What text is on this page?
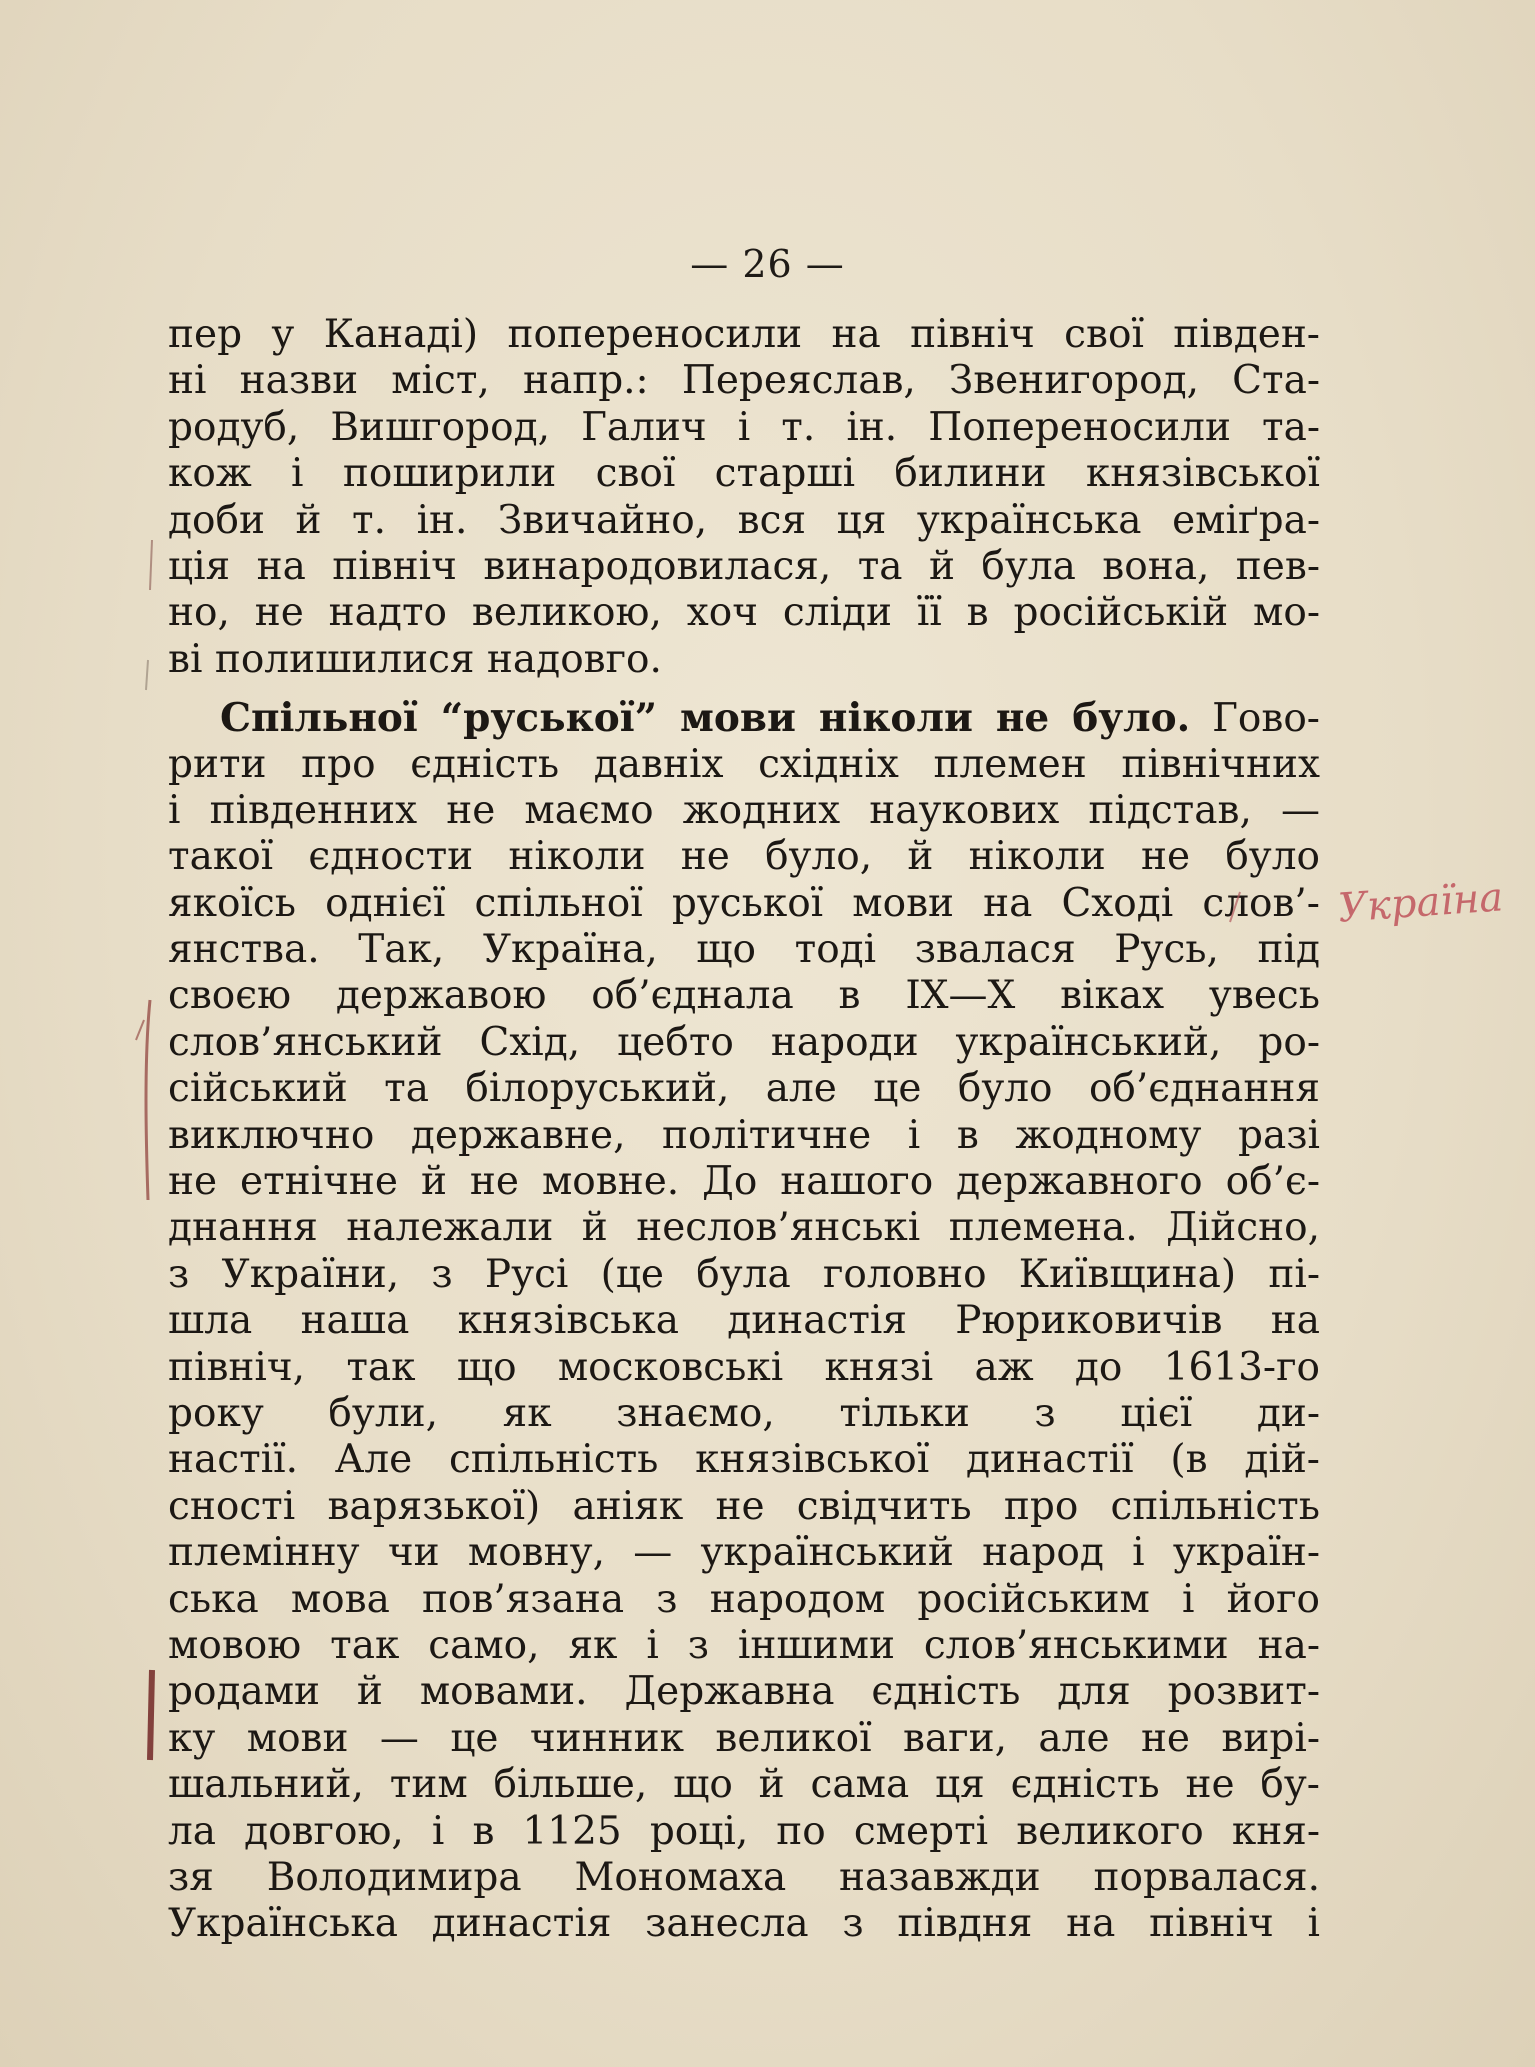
— 26 —
пер у Канаді) попереносили на північ свої півден-
ні назви міст, напр.: Переяслав, Звенигород, Ста-
родуб, Вишгород, Галич і т. ін. Попереносили та-
кож і поширили свої старші билини князівської
доби й т. ін. Звичайно, вся ця українська еміґра-
ція на північ винародовилася, та й була вона, пев-
но, не надто великою, хоч сліди її в російській мо-
ві полишилися надовго.
Спільної “руської” мови ніколи не було. Гово-
рити про єдність давніх східніх племен північних
і південних не маємо жодних наукових підстав, —
такої єдности ніколи не було, й ніколи не було
якоїсь однієї спільної руської мови на Сході слов’-
янства. Так, Україна, що тоді звалася Русь, під
своєю державою об’єднала в IX—X віках увесь
слов’янський Схід, цебто народи український, ро-
сійський та білоруський, але це було об’єднання
виключно державне, політичне і в жодному разі
не етнічне й не мовне. До нашого державного об’є-
днання належали й неслов’янські племена. Дійсно,
з України, з Русі (це була головно Київщина) пі-
шла наша князівська династія Рюриковичів на
північ, так що московські князі аж до 1613-го
року були, як знаємо, тільки з цієї ди-
настії. Але спільність князівської династії (в дій-
сності варязької) аніяк не свідчить про спільність
племінну чи мовну, — український народ і україн-
ська мова пов’язана з народом російським і його
мовою так само, як і з іншими слов’янськими на-
родами й мовами. Державна єдність для розвит-
ку мови — це чинник великої ваги, але не вирі-
шальний, тим більше, що й сама ця єдність не бу-
ла довгою, і в 1125 році, по смерті великого кня-
зя Володимира Мономаха назавжди порвалася.
Українська династія занесла з півдня на північ і
Україна
